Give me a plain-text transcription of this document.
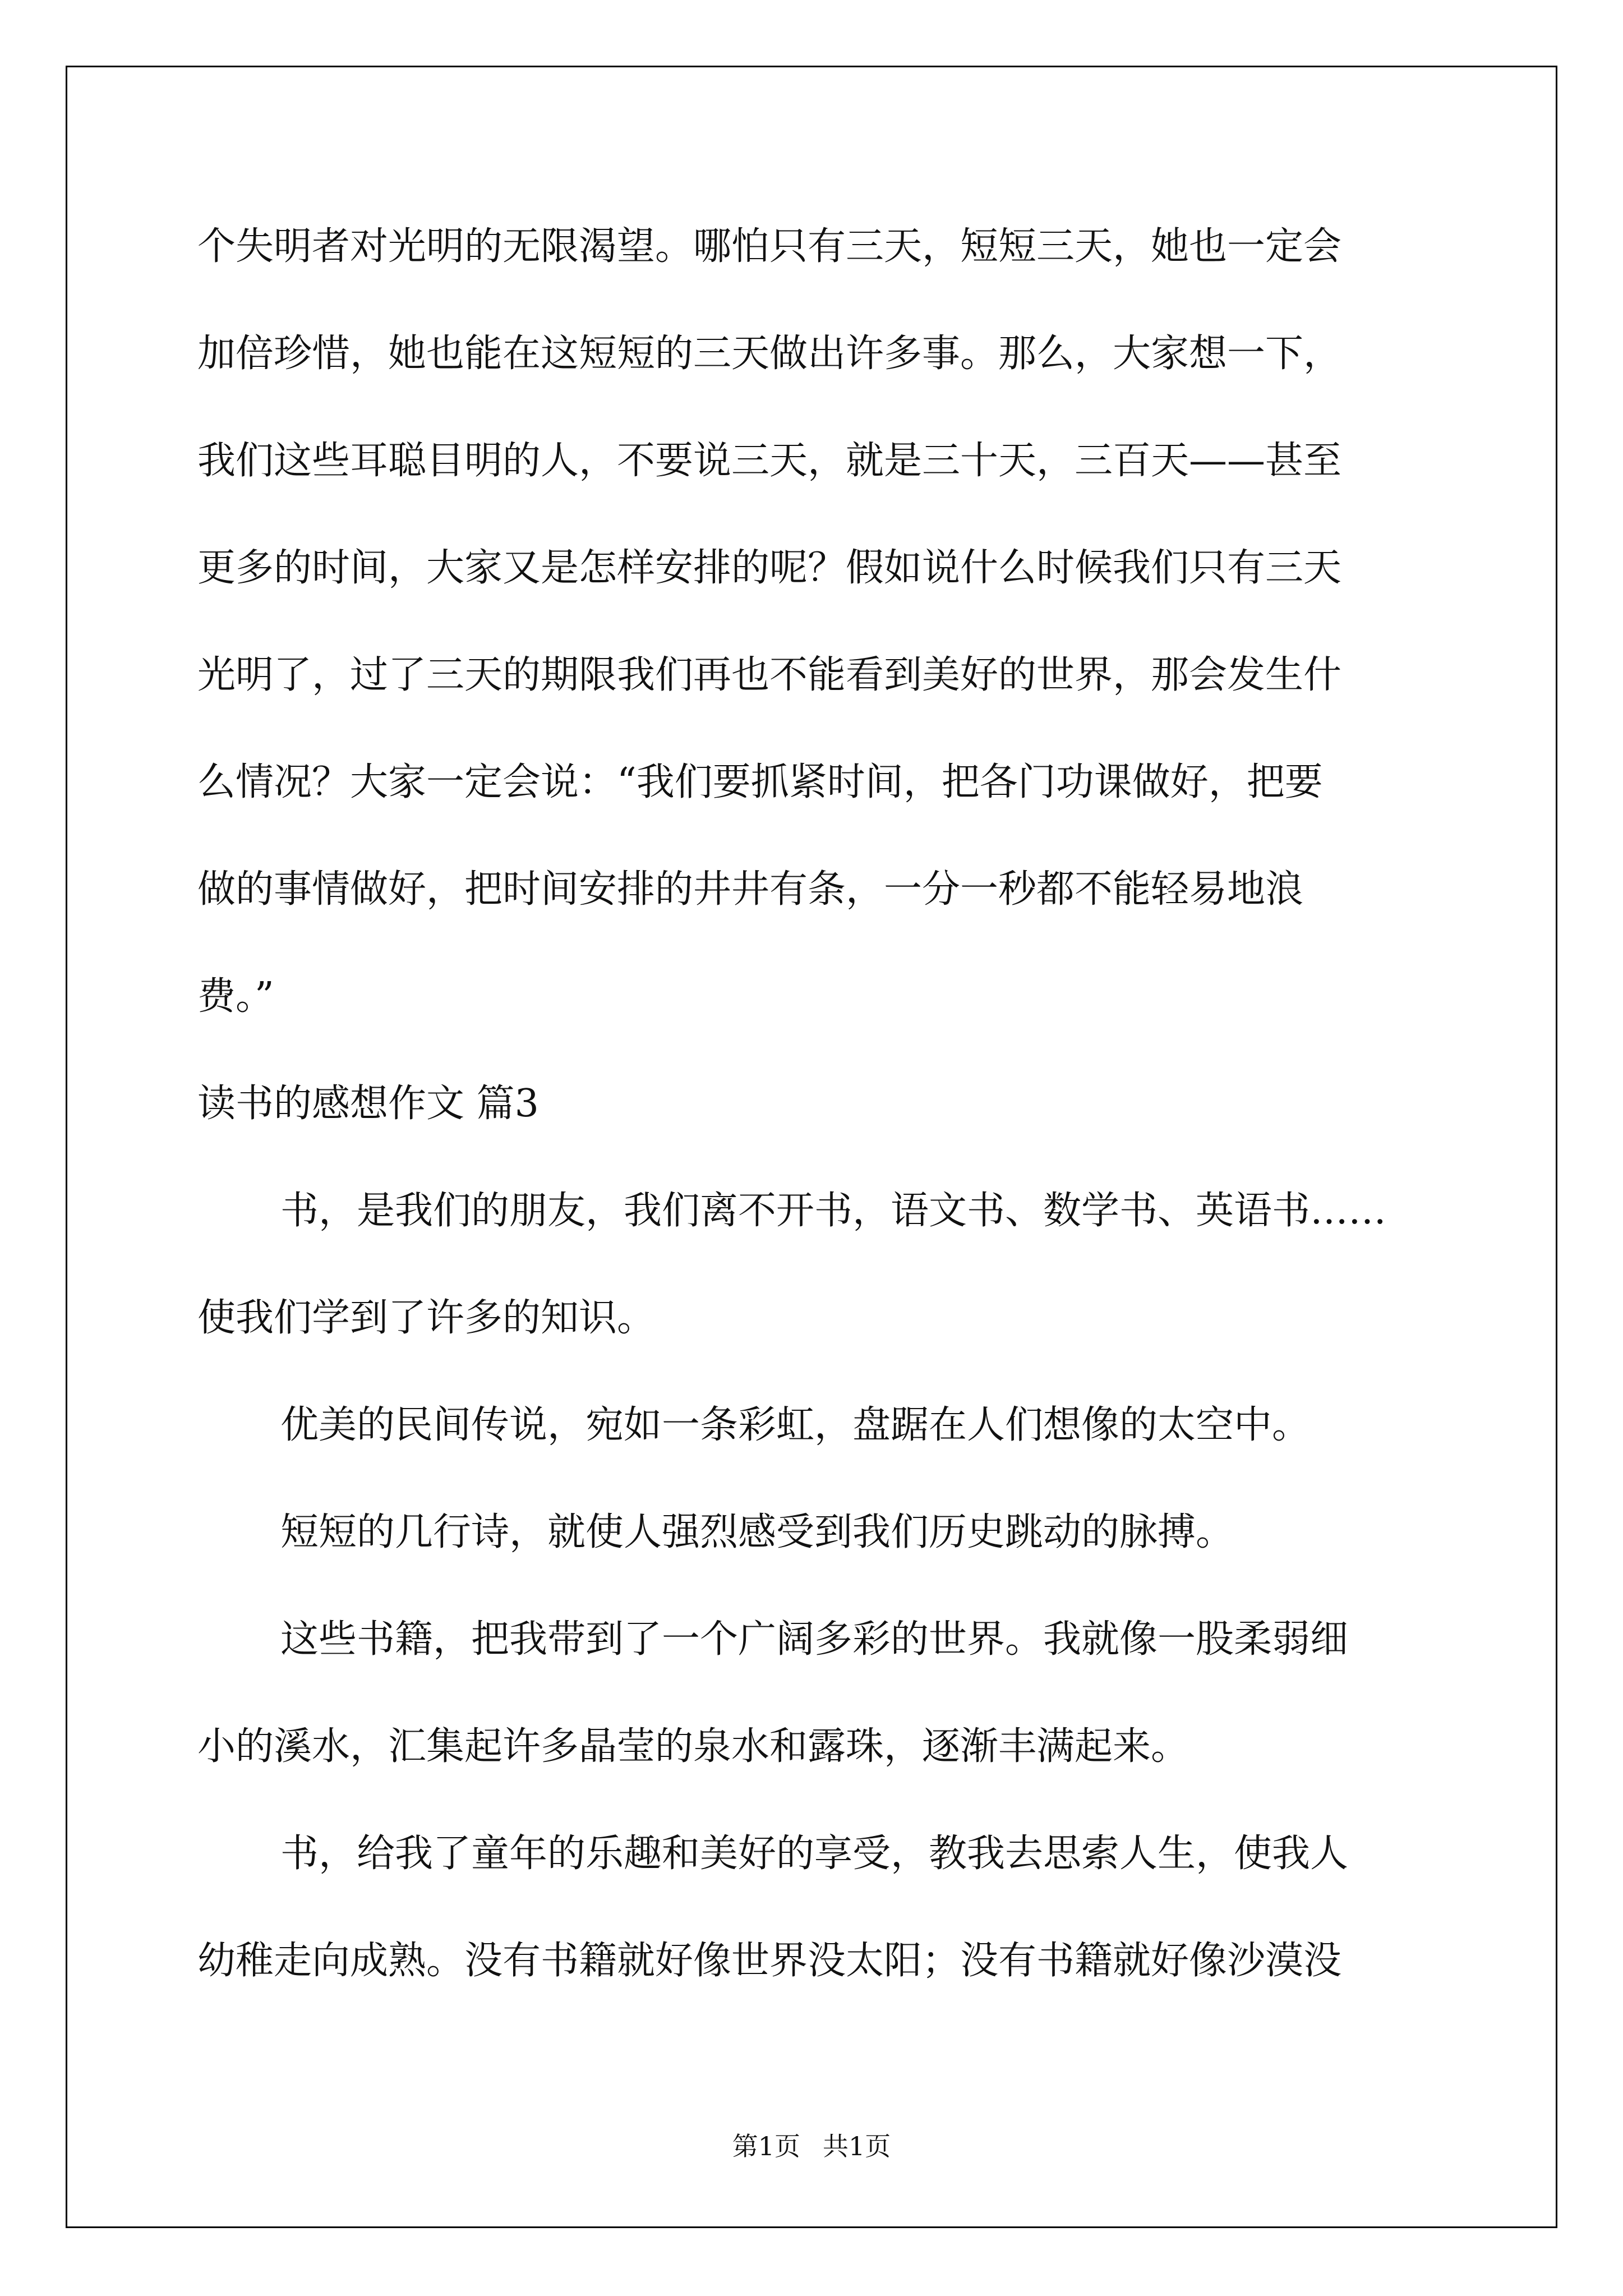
个失明者对光明的无限渴望。哪怕只有三天，短短三天，她也一定会
加倍珍惜，她也能在这短短的三天做出许多事。那么，大家想一下，
我们这些耳聪目明的人，不要说三天，就是三十天，三百天——甚至
更多的时间，大家又是怎样安排的呢？假如说什么时候我们只有三天
光明了，过了三天的期限我们再也不能看到美好的世界，那会发生什
么情况？大家一定会说：“我们要抓紧时间，把各门功课做好，把要
做的事情做好，把时间安排的井井有条，一分一秒都不能轻易地浪
费。”
读书的感想作文 篇3
书，是我们的朋友，我们离不开书，语文书、数学书、英语书……
使我们学到了许多的知识。
优美的民间传说，宛如一条彩虹，盘踞在人们想像的太空中。
短短的几行诗，就使人强烈感受到我们历史跳动的脉搏。
这些书籍，把我带到了一个广阔多彩的世界。我就像一股柔弱细
小的溪水，汇集起许多晶莹的泉水和露珠，逐渐丰满起来。
书，给我了童年的乐趣和美好的享受，教我去思索人生，使我人
幼稚走向成熟。没有书籍就好像世界没太阳；没有书籍就好像沙漠没
第1页 共1页
